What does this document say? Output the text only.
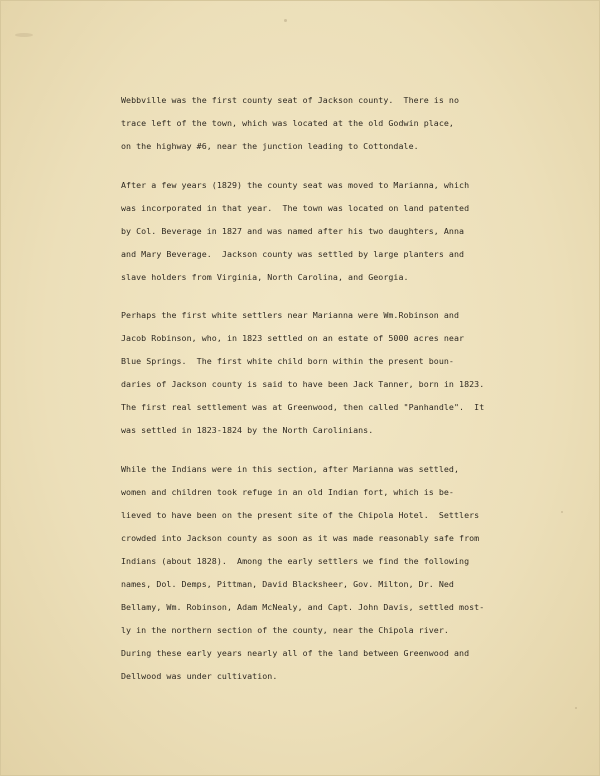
Webbville was the first county seat of Jackson county.  There is no
trace left of the town, which was located at the old Godwin place,
on the highway #6, near the junction leading to Cottondale.
After a few years (1829) the county seat was moved to Marianna, which
was incorporated in that year.  The town was located on land patented
by Col. Beverage in 1827 and was named after his two daughters, Anna
and Mary Beverage.  Jackson county was settled by large planters and
slave holders from Virginia, North Carolina, and Georgia.
Perhaps the first white settlers near Marianna were Wm.Robinson and
Jacob Robinson, who, in 1823 settled on an estate of 5000 acres near
Blue Springs.  The first white child born within the present boun-
daries of Jackson county is said to have been Jack Tanner, born in 1823.
The first real settlement was at Greenwood, then called "Panhandle".  It
was settled in 1823-1824 by the North Carolinians.
While the Indians were in this section, after Marianna was settled,
women and children took refuge in an old Indian fort, which is be-
lieved to have been on the present site of the Chipola Hotel.  Settlers
crowded into Jackson county as soon as it was made reasonably safe from
Indians (about 1828).  Among the early settlers we find the following
names, Dol. Demps, Pittman, David Blacksheer, Gov. Milton, Dr. Ned
Bellamy, Wm. Robinson, Adam McNealy, and Capt. John Davis, settled most-
ly in the northern section of the county, near the Chipola river.
During these early years nearly all of the land between Greenwood and
Dellwood was under cultivation.
